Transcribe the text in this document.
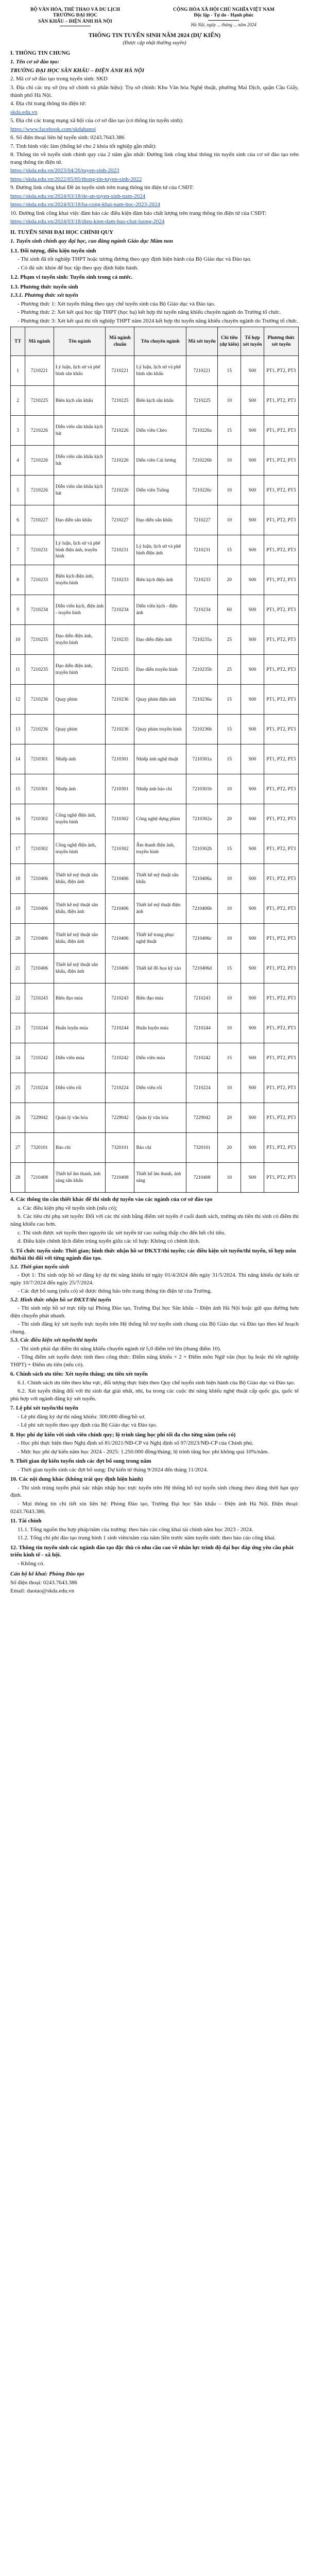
BỘ VĂN HÓA, THỂ THAO VÀ DU LỊCH
TRƯỜNG ĐẠI HỌC
SÂN KHẤU – ĐIỆN ẢNH HÀ NỘI
CỘNG HÒA XÃ HỘI CHỦ NGHĨA VIỆT NAM
Độc lập - Tự do - Hạnh phúc
Hà Nội, ngày ... tháng ... năm 2024
THÔNG TIN TUYỂN SINH NĂM 2024 (DỰ KIẾN)
(Được cập nhật thường xuyên)
I. THÔNG TIN CHUNG

1. Tên cơ sở đào tạo:

TRƯỜNG ĐẠI HỌC SÂN KHẤU – ĐIỆN ẢNH HÀ NỘI

2. Mã cơ sở đào tạo trong tuyển sinh: SKD

3. Địa chỉ các trụ sở (trụ sở chính và phân hiệu): Trụ sở chính: Khu Văn hóa Nghệ thuật, phường Mai Dịch, quận Cầu Giấy, thành phố Hà Nội.

4. Địa chỉ trang thông tin điện tử:

skda.edu.vn

5. Địa chỉ các trang mạng xã hội của cơ sở đào tạo (có thông tin tuyển sinh):

https://www.facebook.com/skdahanoi

6. Số điện thoại liên hệ tuyển sinh: 0243.7643.386

7. Tình hình việc làm (thống kê cho 2 khóa tốt nghiệp gần nhất):

8. Thông tin về tuyển sinh chính quy của 2 năm gần nhất: Đường link công khai thông tin tuyển sinh của cơ sở đào tạo trên trang thông tin điện tử.

https://skda.edu.vn/2023/04/26/tuyen-sinh-2023

https://skda.edu.vn/2022/05/05/thong-tin-tuyen-sinh-2022

9. Đường link công khai Đề án tuyển sinh trên trang thông tin điện tử của CSĐT:

https://skda.edu.vn/2024/03/18/de-an-tuyen-sinh-nam-2024

https://skda.edu.vn/2024/03/18/ba-cong-khai-nam-hoc-2023-2024

10. Đường link công khai việc đảm bảo các điều kiện đảm bảo chất lượng trên trang thông tin điện tử của CSĐT:

https://skda.edu.vn/2024/03/18/dieu-kien-dam-bao-chat-luong-2024

II. TUYỂN SINH ĐẠI HỌC CHÍNH QUY

1. Tuyển sinh chính quy đại học, cao đẳng ngành Giáo dục Mầm non

1.1. Đối tượng, điều kiện tuyển sinh

- Thí sinh đã tốt nghiệp THPT hoặc tương đương theo quy định hiện hành của Bộ Giáo dục và Đào tạo.

- Có đủ sức khỏe để học tập theo quy định hiện hành.

1.2. Phạm vi tuyển sinh: Tuyển sinh trong cả nước.
1.3. Phương thức tuyển sinh

1.3.1. Phương thức xét tuyển

- Phương thức 1: Xét tuyển thẳng theo quy chế tuyển sinh của Bộ Giáo dục và Đào tạo.

- Phương thức 2: Xét kết quả học tập THPT (học bạ) kết hợp thi tuyển năng khiếu chuyên ngành do Trường tổ chức.

- Phương thức 3: Xét kết quả thi tốt nghiệp THPT năm 2024 kết hợp thi tuyển năng khiếu chuyên ngành do Trường tổ chức.

TT	Mã ngành	Tên ngành	Mã ngành chuẩn	Tên chuyên ngành	Mã xét tuyển	Chỉ tiêu (dự kiến)	Tổ hợp xét tuyển	Phương thức xét tuyển
1	7210221	Lý luận, lịch sử và phê bình sân khấu	7210221	Lý luận, lịch sử và phê bình sân khấu	7210221	15	S00	PT1, PT2, PT3
2	7210225	Biên kịch sân khấu	7210225	Biên kịch sân khấu	7210225	10	S00	PT1, PT2, PT3
3	7210226	Diễn viên sân khấu kịch hát	7210226	Diễn viên Chèo	7210226a	15	S00	PT1, PT2, PT3
4	7210226	Diễn viên sân khấu kịch hát	7210226	Diễn viên Cải lương	7210226b	10	S00	PT1, PT2, PT3
5	7210226	Diễn viên sân khấu kịch hát	7210226	Diễn viên Tuồng	7210226c	10	S00	PT1, PT2, PT3
6	7210227	Đạo diễn sân khấu	7210227	Đạo diễn sân khấu	7210227	10	S00	PT1, PT2, PT3
7	7210231	Lý luận, lịch sử và phê bình điện ảnh, truyền hình	7210231	Lý luận, lịch sử và phê bình điện ảnh	7210231	15	S00	PT1, PT2, PT3
8	7210233	Biên kịch điện ảnh, truyền hình	7210233	Biên kịch điện ảnh	7210233	20	S00	PT1, PT2, PT3
9	7210234	Diễn viên kịch, điện ảnh - truyền hình	7210234	Diễn viên kịch - điện ảnh	7210234	60	S00	PT1, PT2, PT3
10	7210235	Đạo diễn điện ảnh, truyền hình	7210235	Đạo diễn điện ảnh	7210235a	25	S00	PT1, PT2, PT3
11	7210235	Đạo diễn điện ảnh, truyền hình	7210235	Đạo diễn truyền hình	7210235b	25	S00	PT1, PT2, PT3
12	7210236	Quay phim	7210236	Quay phim điện ảnh	7210236a	15	S00	PT1, PT2, PT3
13	7210236	Quay phim	7210236	Quay phim truyền hình	7210236b	15	S00	PT1, PT2, PT3
14	7210301	Nhiếp ảnh	7210301	Nhiếp ảnh nghệ thuật	7210301a	15	S00	PT1, PT2, PT3
15	7210301	Nhiếp ảnh	7210301	Nhiếp ảnh báo chí	7210301b	10	S00	PT1, PT2, PT3
16	7210302	Công nghệ điện ảnh, truyền hình	7210302	Công nghệ dựng phim	7210302a	20	S00	PT1, PT2, PT3
17	7210302	Công nghệ điện ảnh, truyền hình	7210302	Âm thanh điện ảnh, truyền hình	7210302b	15	S00	PT1, PT2, PT3
18	7210406	Thiết kế mỹ thuật sân khấu, điện ảnh	7210406	Thiết kế mỹ thuật sân khấu	7210406a	10	S00	PT1, PT2, PT3
19	7210406	Thiết kế mỹ thuật sân khấu, điện ảnh	7210406	Thiết kế mỹ thuật điện ảnh	7210406b	10	S00	PT1, PT2, PT3
20	7210406	Thiết kế mỹ thuật sân khấu, điện ảnh	7210406	Thiết kế trang phục nghệ thuật	7210406c	10	S00	PT1, PT2, PT3
21	7210406	Thiết kế mỹ thuật sân khấu, điện ảnh	7210406	Thiết kế đồ họa kỹ xảo	7210406d	15	S00	PT1, PT2, PT3
22	7210243	Biên đạo múa	7210243	Biên đạo múa	7210243	10	S00	PT1, PT2, PT3
23	7210244	Huấn luyện múa	7210244	Huấn luyện múa	7210244	10	S00	PT1, PT2, PT3
24	7210242	Diễn viên múa	7210242	Diễn viên múa	7210242	15	S00	PT1, PT2, PT3
25	7210224	Diễn viên rối	7210224	Diễn viên rối	7210224	10	S00	PT1, PT2, PT3
26	7229042	Quản lý văn hóa	7229042	Quản lý văn hóa	7229042	20	S00	PT1, PT2, PT3
27	7320101	Báo chí	7320101	Báo chí	7320101	20	S00	PT1, PT2, PT3
28	7210408	Thiết kế âm thanh, ánh sáng sân khấu	7210408	Thiết kế âm thanh, ánh sáng	7210408	10	S00	PT1, PT2, PT3
4. Các thông tin cần thiết khác để thí sinh dự tuyển vào các ngành của cơ sở đào tạo

a. Các điều kiện phụ về tuyển sinh (nếu có);

b. Các tiêu chí phụ xét tuyển: Đối với các thí sinh bằng điểm xét tuyển ở cuối danh sách, trường ưu tiên thí sinh có điểm thi năng khiếu cao hơn.

c. Thí sinh được xét tuyển theo nguyên tắc xét tuyển từ cao xuống thấp cho đến hết chỉ tiêu.

d. Điều kiện chênh lệch điểm trúng tuyển giữa các tổ hợp: Không có chênh lệch.

5. Tổ chức tuyển sinh: Thời gian; hình thức nhận hồ sơ ĐKXT/thi tuyển; các điều kiện xét tuyển/thi tuyển, tổ hợp môn thi/bài thi đối với từng ngành đào tạo.

5.1. Thời gian tuyển sinh

- Đợt 1: Thí sinh nộp hồ sơ đăng ký dự thi năng khiếu từ ngày 01/4/2024 đến ngày 31/5/2024. Thi năng khiếu dự kiến từ ngày 10/7/2024 đến ngày 25/7/2024.

- Các đợt bổ sung (nếu có) sẽ được thông báo trên trang thông tin điện tử của Trường.

5.2. Hình thức nhận hồ sơ ĐKXT/thi tuyển

- Thí sinh nộp hồ sơ trực tiếp tại Phòng Đào tạo, Trường Đại học Sân khấu – Điện ảnh Hà Nội hoặc gửi qua đường bưu điện chuyển phát nhanh.

- Thí sinh đăng ký xét tuyển trực tuyến trên Hệ thống hỗ trợ tuyển sinh chung của Bộ Giáo dục và Đào tạo theo kế hoạch chung.

5.3. Các điều kiện xét tuyển/thi tuyển

- Thí sinh phải đạt điểm thi năng khiếu chuyên ngành từ 5,0 điểm trở lên (thang điểm 10).

- Tổng điểm xét tuyển được tính theo công thức: Điểm năng khiếu × 2 + Điểm môn Ngữ văn (học bạ hoặc thi tốt nghiệp THPT) + Điểm ưu tiên (nếu có).

6. Chính sách ưu tiên: Xét tuyển thẳng; ưu tiên xét tuyển

6.1. Chính sách ưu tiên theo khu vực, đối tượng thực hiện theo Quy chế tuyển sinh hiện hành của Bộ Giáo dục và Đào tạo.

6.2. Xét tuyển thẳng đối với thí sinh đạt giải nhất, nhì, ba trong các cuộc thi năng khiếu nghệ thuật cấp quốc gia, quốc tế phù hợp với ngành đăng ký xét tuyển.

7. Lệ phí xét tuyển/thi tuyển

- Lệ phí đăng ký dự thi năng khiếu: 300.000 đồng/hồ sơ.

- Lệ phí xét tuyển theo quy định của Bộ Giáo dục và Đào tạo.

8. Học phí dự kiến với sinh viên chính quy; lộ trình tăng học phí tối đa cho từng năm (nếu có)

- Học phí thực hiện theo Nghị định số 81/2021/NĐ-CP và Nghị định số 97/2023/NĐ-CP của Chính phủ.

- Mức học phí dự kiến năm học 2024 - 2025: 1.250.000 đồng/tháng; lộ trình tăng học phí không quá 10%/năm.

9. Thời gian dự kiến tuyển sinh các đợt bổ sung trong năm

- Thời gian tuyển sinh các đợt bổ sung: Dự kiến từ tháng 9/2024 đến tháng 11/2024.

10. Các nội dung khác (không trái quy định hiện hành)

- Thí sinh trúng tuyển phải xác nhận nhập học trực tuyến trên Hệ thống hỗ trợ tuyển sinh chung theo đúng thời hạn quy định.

- Mọi thông tin chi tiết xin liên hệ: Phòng Đào tạo, Trường Đại học Sân khấu – Điện ảnh Hà Nội. Điện thoại: 0243.7643.386.

11. Tài chính

11.1. Tổng nguồn thu hợp pháp/năm của trường: theo báo cáo công khai tài chính năm học 2023 - 2024.

11.2. Tổng chi phí đào tạo trung bình 1 sinh viên/năm của năm liền trước năm tuyển sinh: theo báo cáo công khai.

12. Thông tin tuyển sinh các ngành đào tạo đặc thù có nhu cầu cao về nhân lực trình độ đại học đáp ứng yêu cầu phát triển kinh tế - xã hội.

- Không có.

Cán bộ kê khai: Phòng Đào tạo

Số điện thoại: 0243.7643.386

Email: daotao@skda.edu.vn
